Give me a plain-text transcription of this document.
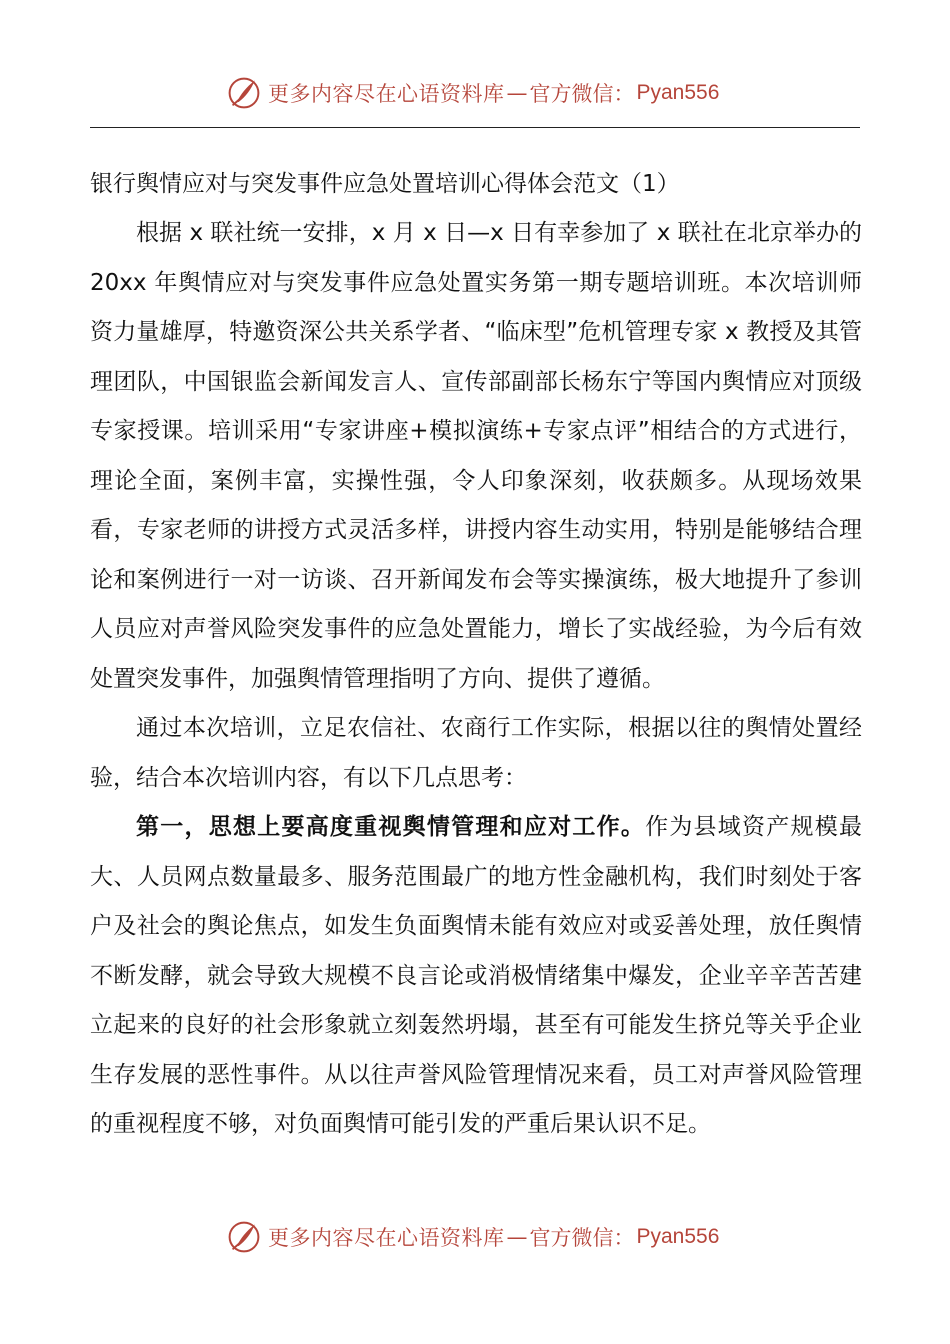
更多内容尽在心语资料库 — 官方微信： Pyan556
银行舆情应对与突发事件应急处置培训心得体会范文（1）

根据 x 联社统一安排，x 月 x 日—x 日有幸参加了 x 联社在北京举办的 20xx 年舆情应对与突发事件应急处置实务第一期专题培训班。本次培训师资力量雄厚，特邀资深公共关系学者、“临床型”危机管理专家 x 教授及其管理团队，中国银监会新闻发言人、宣传部副部长杨东宁等国内舆情应对顶级专家授课。培训采用“专家讲座+模拟演练+专家点评”相结合的方式进行，理论全面，案例丰富，实操性强，令人印象深刻，收获颇多。从现场效果看，专家老师的讲授方式灵活多样，讲授内容生动实用，特别是能够结合理论和案例进行一对一访谈、召开新闻发布会等实操演练，极大地提升了参训人员应对声誉风险突发事件的应急处置能力，增长了实战经验，为今后有效处置突发事件，加强舆情管理指明了方向、提供了遵循。

通过本次培训，立足农信社、农商行工作实际，根据以往的舆情处置经验，结合本次培训内容，有以下几点思考：

第一，思想上要高度重视舆情管理和应对工作。作为县域资产规模最大、人员网点数量最多、服务范围最广的地方性金融机构，我们时刻处于客户及社会的舆论焦点，如发生负面舆情未能有效应对或妥善处理，放任舆情不断发酵，就会导致大规模不良言论或消极情绪集中爆发，企业辛辛苦苦建立起来的良好的社会形象就立刻轰然坍塌，甚至有可能发生挤兑等关乎企业生存发展的恶性事件。从以往声誉风险管理情况来看，员工对声誉风险管理的重视程度不够，对负面舆情可能引发的严重后果认识不足。

更多内容尽在心语资料库 — 官方微信： Pyan556
